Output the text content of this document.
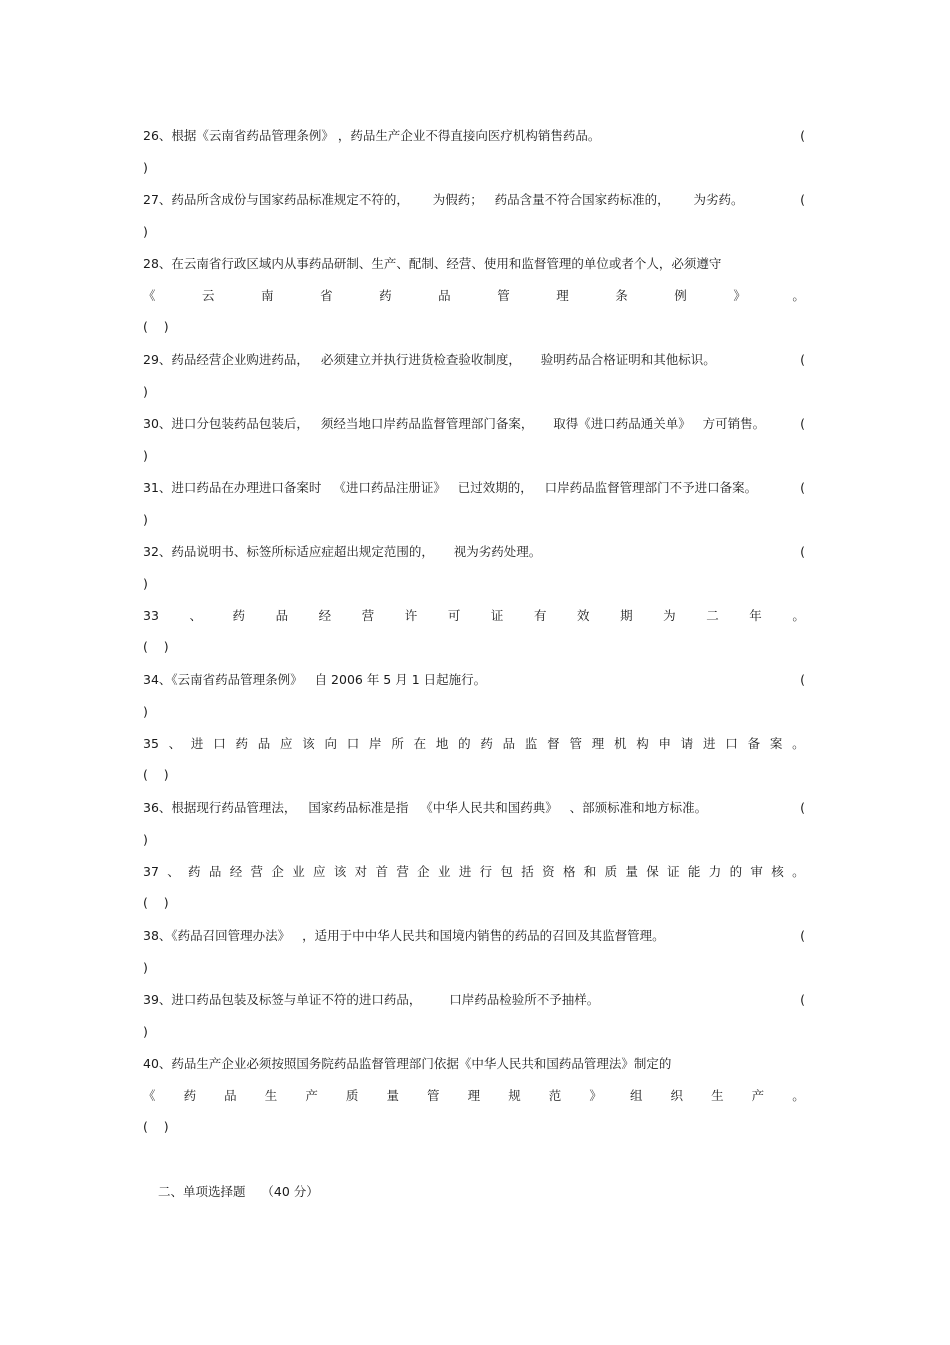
26、根据《云南省药品管理条例》 ，药品生产企业不得直接向医疗机构销售药品。	(
)
27、药品所含成份与国家药品标准规定不符的，      为假药；   药品含量不符合国家药标准的，      为劣药。	(
)
28、在云南省行政区域内从事药品研制、生产、配制、经营、使用和监督管理的单位或者个人，必须遵守
《	云	南	省	药	品	管	理	条	例	》	。
(    )
29、药品经营企业购进药品，   必须建立并执行进货检查验收制度，     验明药品合格证明和其他标识。	(
)
30、进口分包装药品包装后，   须经当地口岸药品监督管理部门备案，     取得《进口药品通关单》   方可销售。	(
)
31、进口药品在办理进口备案时   《进口药品注册证》   已过效期的，   口岸药品监督管理部门不予进口备案。	(
)
32、药品说明书、标签所标适应症超出规定范围的，     视为劣药处理。	(
)
33 、 药 品 经 营 许 可 证 有 效 期 为 二 年 。
(    )
34、《云南省药品管理条例》   自 2006 年 5 月 1 日起施行。	(
)
35 、 进 口 药 品 应 该 向 口 岸 所 在 地 的 药 品 监 督 管 理 机 构 申 请 进 口 备 案 。
(    )
36、根据现行药品管理法，   国家药品标准是指   《中华人民共和国药典》   、部颁标准和地方标准。	(
)
37 、 药 品 经 营 企 业 应 该 对 首 营 企 业 进 行 包 括 资 格 和 质 量 保 证 能 力 的 审 核 。
(    )
38、《药品召回管理办法》   ，适用于中中华人民共和国境内销售的药品的召回及其监督管理。	(
)
39、进口药品包装及标签与单证不符的进口药品，       口岸药品检验所不予抽样。	(
)
40、药品生产企业必须按照国务院药品监督管理部门依据《中华人民共和国药品管理法》制定的
《 药 品 生 产 质 量 管 理 规 范 》 组 织 生 产 。
(    )
二、单项选择题    （40 分）
